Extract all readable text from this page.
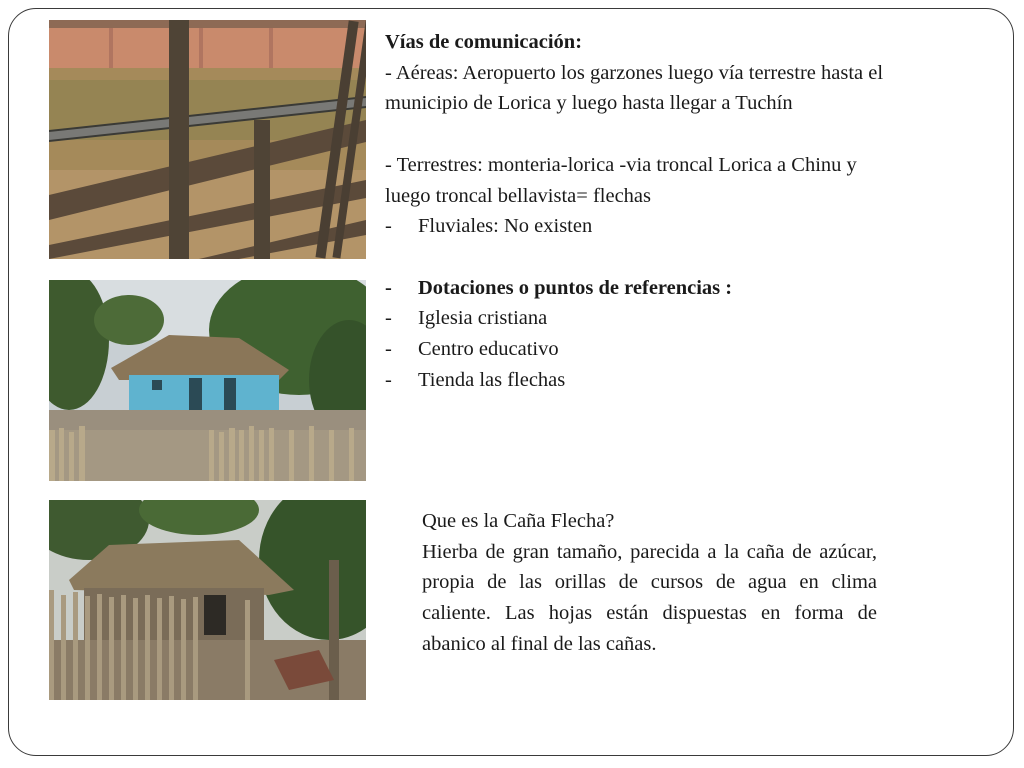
Vías de comunicación:

- Aéreas: Aeropuerto los garzones luego vía terrestre hasta el municipio de Lorica y luego hasta llegar a Tuchín

- Terrestres: monteria-lorica -via troncal Lorica a Chinu y luego troncal bellavista= flechas

-	Fluviales: No existen
-	Dotaciones o puntos de referencias :
-	Iglesia cristiana
-	Centro educativo
-	Tienda las flechas

Que es la Caña Flecha?

Hierba de gran tamaño, parecida a la caña de azúcar, propia de las orillas de cursos de agua en clima caliente. Las hojas están dispuestas en forma de abanico al final de las cañas.
